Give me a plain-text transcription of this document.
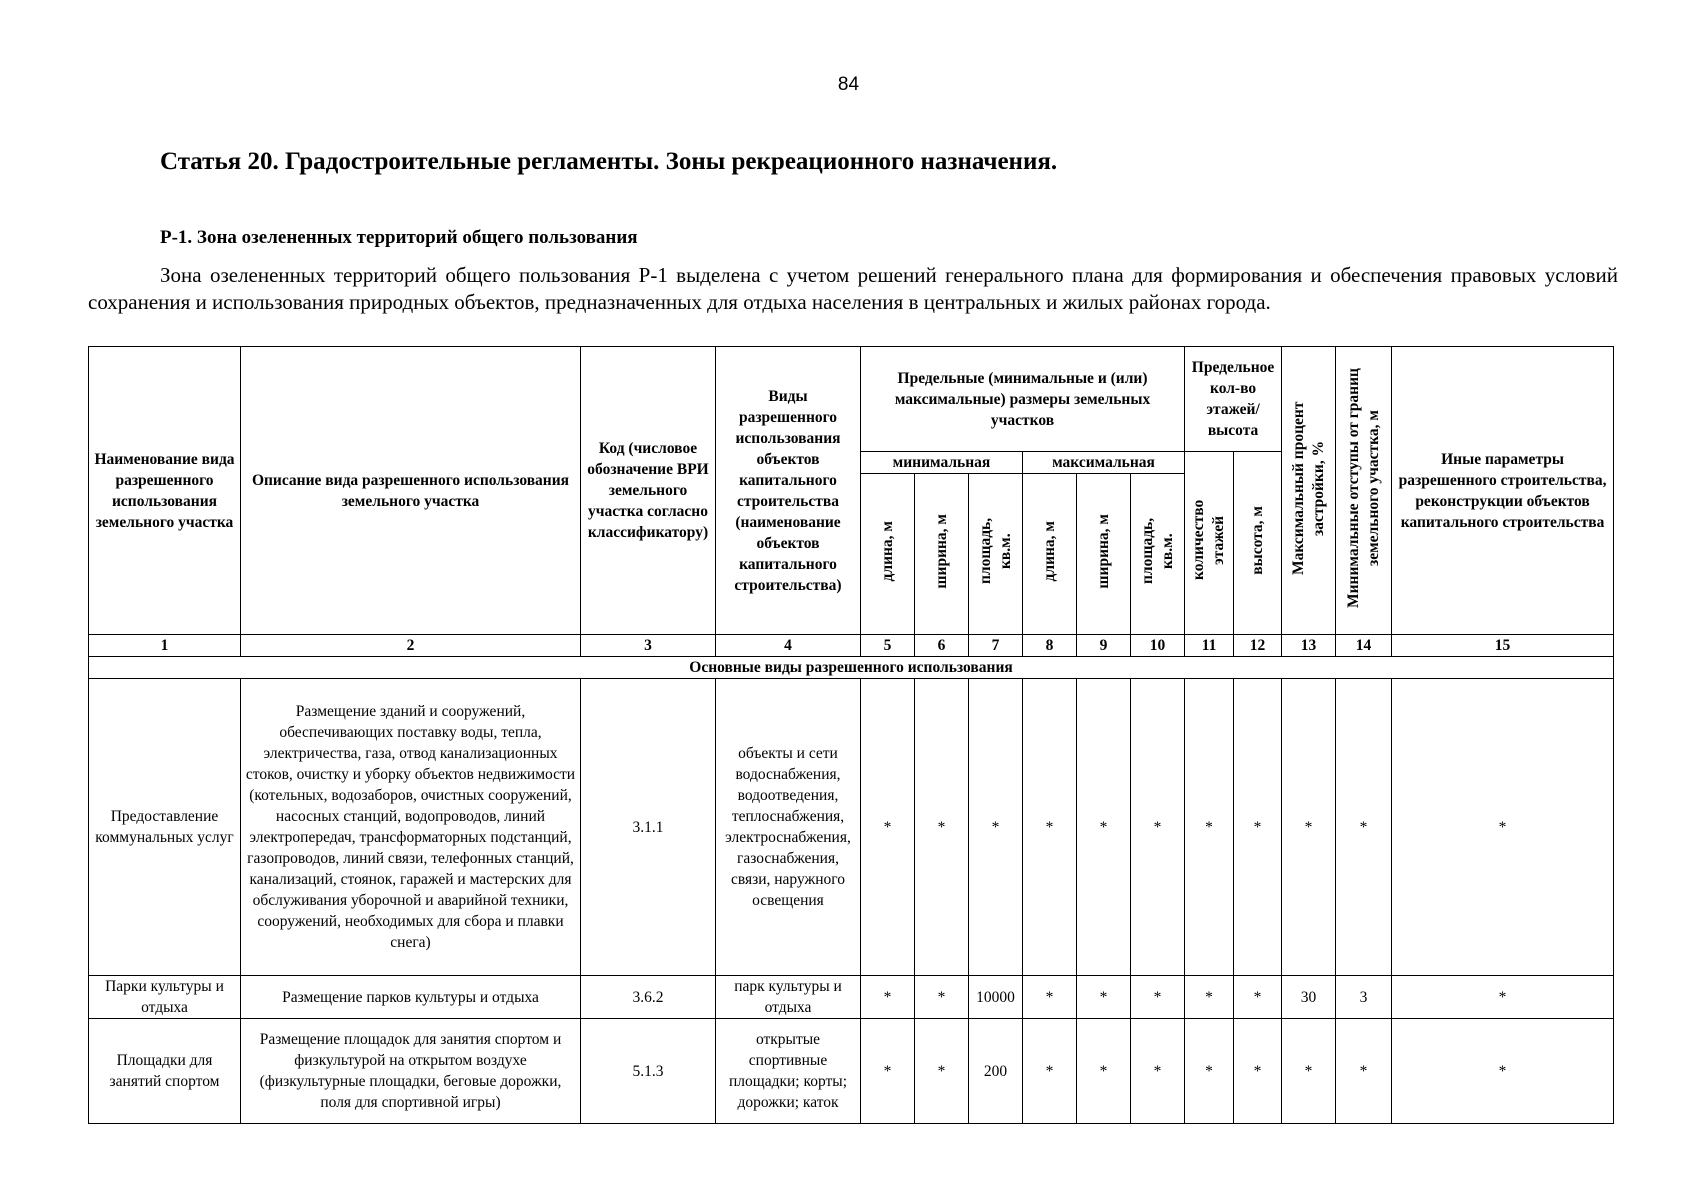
84
Статья 20. Градостроительные регламенты. Зоны рекреационного назначения.
Р-1. Зона озелененных территорий общего пользования

Зона озелененных территорий общего пользования Р-1 выделена с учетом решений генерального плана для формирования и обеспечения правовых условий сохранения и использования природных объектов, предназначенных для отдыха населения в центральных и жилых районах города.

Наименование вида разрешенного использования земельного участка	Описание вида разрешенного использования земельного участка	Код (числовое обозначение ВРИ земельного участка согласно классификатору)	Виды разрешенного использования объектов капитального строительства (наименование объектов капитального строительства)	Предельные (минимальные и (или) максимальные) размеры земельных участков						Предельное кол-во этажей/ высота		Максимальный процент застройки, %	Минимальные отступы от границ земельного участка, м	Иные параметры разрешенного строительства, реконструкции объектов капитального строительства
				минимальная			максимальная			количество этажей	высота, м			
				длина, м	ширина, м	площадь, кв.м.	длина, м	ширина, м	площадь, кв.м.					
1	2	3	4	5	6	7	8	9	10	11	12	13	14	15
Основные виды разрешенного использования														
Предоставление коммунальных услуг	Размещение зданий и сооружений, обеспечивающих поставку воды, тепла, электричества, газа, отвод канализационных стоков, очистку и уборку объектов недвижимости (котельных, водозаборов, очистных сооружений, насосных станций, водопроводов, линий электропередач, трансформаторных подстанций, газопроводов, линий связи, телефонных станций, канализаций, стоянок, гаражей и мастерских для обслуживания уборочной и аварийной техники, сооружений, необходимых для сбора и плавки снега)	3.1.1	объекты и сети водоснабжения, водоотведения, теплоснабжения, электроснабжения, газоснабжения, связи, наружного освещения	*	*	*	*	*	*	*	*	*	*	*
Парки культуры и отдыха	Размещение парков культуры и отдыха	3.6.2	парк культуры и отдыха	*	*	10000	*	*	*	*	*	30	3	*
Площадки для занятий спортом	Размещение площадок для занятия спортом и физкультурой на открытом воздухе (физкультурные площадки, беговые дорожки, поля для спортивной игры)	5.1.3	открытые спортивные площадки; корты; дорожки; каток	*	*	200	*	*	*	*	*	*	*	*
